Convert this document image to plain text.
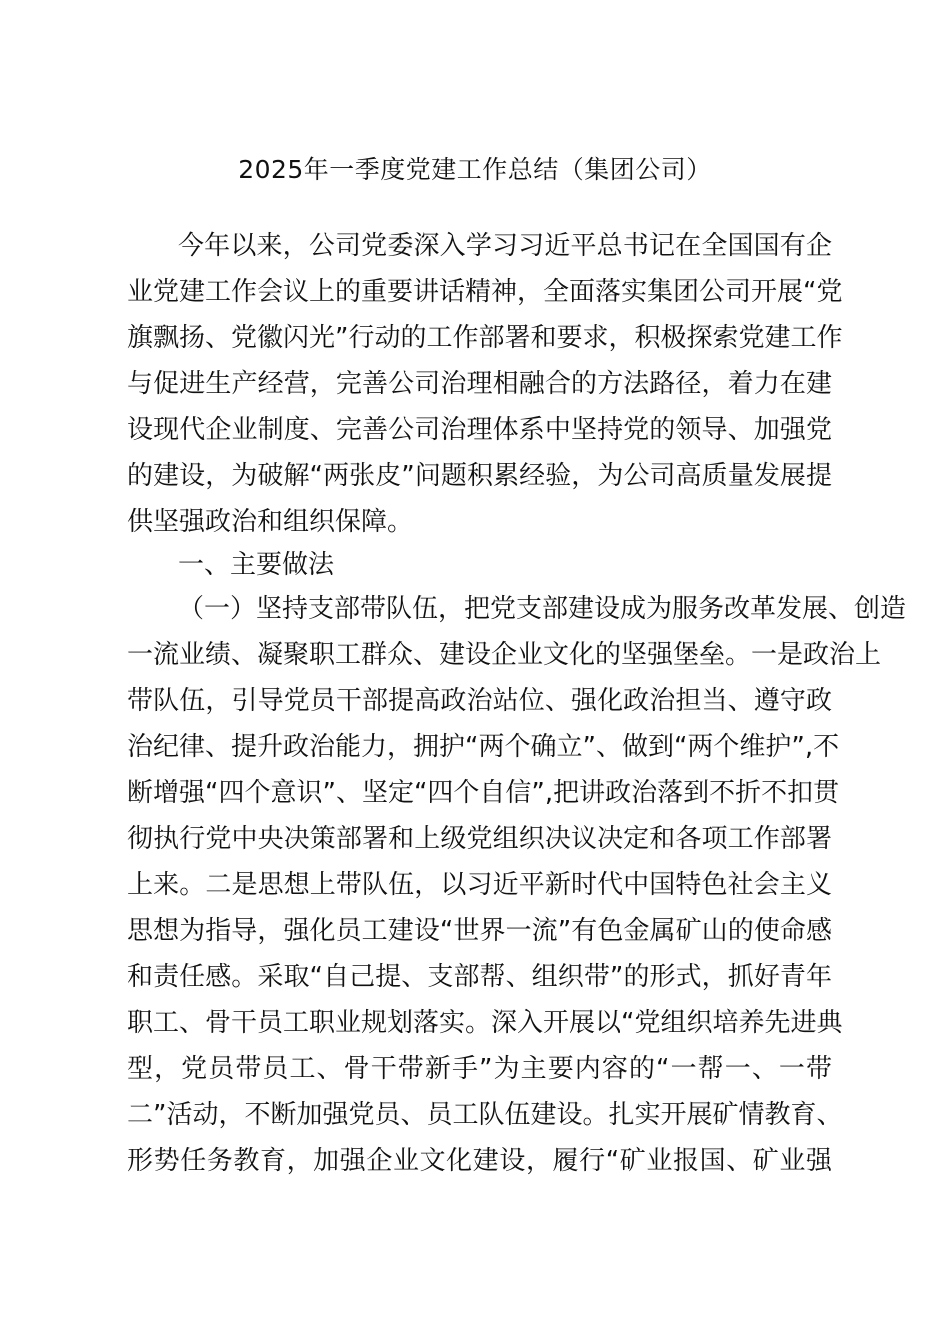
2025年一季度党建工作总结（集团公司）

今年以来，公司党委深入学习习近平总书记在全国国有企

业党建工作会议上的重要讲话精神，全面落实集团公司开展“党

旗飘扬、党徽闪光”行动的工作部署和要求，积极探索党建工作

与促进生产经营，完善公司治理相融合的方法路径，着力在建

设现代企业制度、完善公司治理体系中坚持党的领导、加强党

的建设，为破解“两张皮”问题积累经验，为公司高质量发展提

供坚强政治和组织保障。

一、主要做法

（一）坚持支部带队伍，把党支部建设成为服务改革发展、创造

一流业绩、凝聚职工群众、建设企业文化的坚强堡垒。一是政治上

带队伍，引导党员干部提高政治站位、强化政治担当、遵守政

治纪律、提升政治能力，拥护“两个确立”、做到“两个维护”,不

断增强“四个意识”、坚定“四个自信”,把讲政治落到不折不扣贯

彻执行党中央决策部署和上级党组织决议决定和各项工作部署

上来。二是思想上带队伍，以习近平新时代中国特色社会主义

思想为指导，强化员工建设“世界一流”有色金属矿山的使命感

和责任感。采取“自己提、支部帮、组织带”的形式，抓好青年

职工、骨干员工职业规划落实。深入开展以“党组织培养先进典

型，党员带员工、骨干带新手”为主要内容的“一帮一、一带

二”活动，不断加强党员、员工队伍建设。扎实开展矿情教育、

形势任务教育，加强企业文化建设，履行“矿业报国、矿业强
